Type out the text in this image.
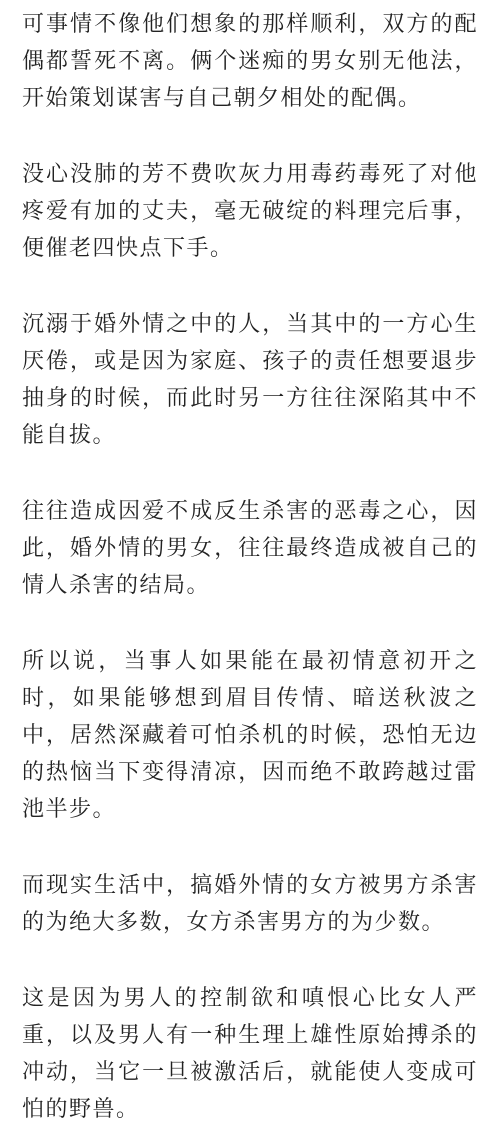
可事情不像他们想象的那样顺利，双方的配偶都誓死不离。俩个迷痴的男女别无他法，开始策划谋害与自己朝夕相处的配偶。

没心没肺的芳不费吹灰力用毒药毒死了对他疼爱有加的丈夫，毫无破绽的料理完后事，便催老四快点下手。

沉溺于婚外情之中的人，当其中的一方心生厌倦，或是因为家庭、孩子的责任想要退步抽身的时候，而此时另一方往往深陷其中不能自拔。

往往造成因爱不成反生杀害的恶毒之心，因此，婚外情的男女，往往最终造成被自己的情人杀害的结局。

所以说，当事人如果能在最初情意初开之时，如果能够想到眉目传情、暗送秋波之中，居然深藏着可怕杀机的时候，恐怕无边的热恼当下变得清凉，因而绝不敢跨越过雷池半步。

而现实生活中，搞婚外情的女方被男方杀害的为绝大多数，女方杀害男方的为少数。

这是因为男人的控制欲和嗔恨心比女人严重，以及男人有一种生理上雄性原始搏杀的冲动，当它一旦被激活后，就能使人变成可怕的野兽。
